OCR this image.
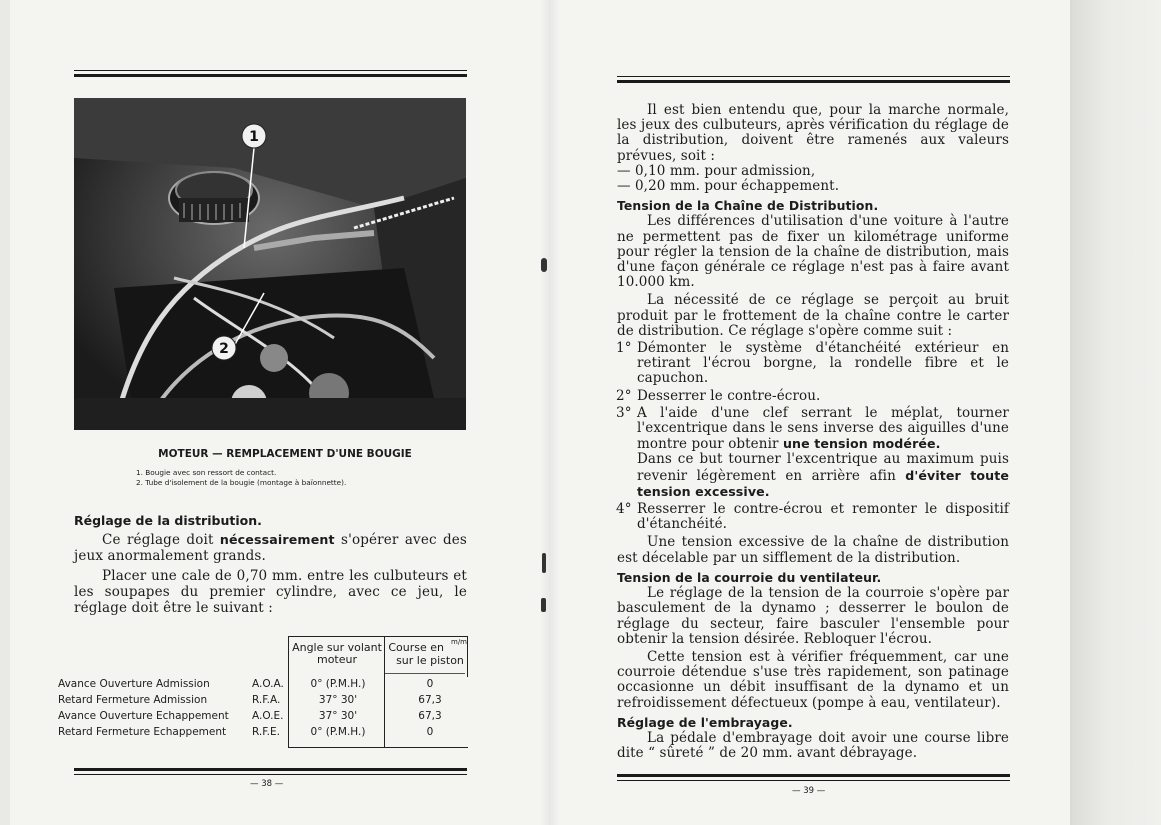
1
2
MOTEUR — REMPLACEMENT D'UNE BOUGIE
1. Bougie avec son ressort de contact.
2. Tube d'isolement de la bougie (montage à baïonnette).
Réglage de la distribution.

Ce réglage doit nécessairement s'opérer avec des jeux anormalement grands.

Placer une cale de 0,70 mm. entre les culbuteurs et les soupapes du premier cylindre, avec ce jeu, le réglage doit être le suivant :

Angle sur volant moteur
Course en	m/m
sur le piston
Avance Ouverture Admission	A.O.A.	0° (P.M.H.)	0
Retard Fermeture Admission	R.F.A.	37° 30'	67,3
Avance Ouverture Echappement A.O.E.	37° 30'	67,3
Retard Fermeture Echappement R.F.E.	0° (P.M.H.)	0
— 38 —

Il est bien entendu que, pour la marche normale, les jeux des culbuteurs, après vérification du réglage de la distribution, doivent être ramenés aux valeurs prévues, soit :

— 0,10 mm. pour admission,

— 0,20 mm. pour échappement.

Tension de la Chaîne de Distribution.

Les différences d'utilisation d'une voiture à l'autre ne permettent pas de fixer un kilométrage uniforme pour régler la tension de la chaîne de distribution, mais d'une façon générale ce réglage n'est pas à faire avant 10.000 km.

La nécessité de ce réglage se perçoit au bruit produit par le frottement de la chaîne contre le carter de distribution. Ce réglage s'opère comme suit :

1° Démonter le système d'étanchéité extérieur en retirant l'écrou borgne, la rondelle fibre et le capuchon.
2° Desserrer le contre-écrou.
3° A l'aide d'une clef serrant le méplat, tourner l'excentrique dans le sens inverse des aiguilles d'une montre pour obtenir une tension modérée.
Dans ce but tourner l'excentrique au maximum puis revenir légèrement en arrière afin d'éviter toute tension excessive.
4° Resserrer le contre-écrou et remonter le dispositif d'étanchéité.

Une tension excessive de la chaîne de distribution est décelable par un sifflement de la distribution.

Tension de la courroie du ventilateur.

Le réglage de la tension de la courroie s'opère par basculement de la dynamo ; desserrer le boulon de réglage du secteur, faire basculer l'ensemble pour obtenir la tension désirée. Rebloquer l'écrou.

Cette tension est à vérifier fréquemment, car une courroie détendue s'use très rapidement, son patinage occasionne un débit insuffisant de la dynamo et un refroidissement défectueux (pompe à eau, ventilateur).

Réglage de l'embrayage.

La pédale d'embrayage doit avoir une course libre dite “ sûreté ” de 20 mm. avant débrayage.

— 39 —
